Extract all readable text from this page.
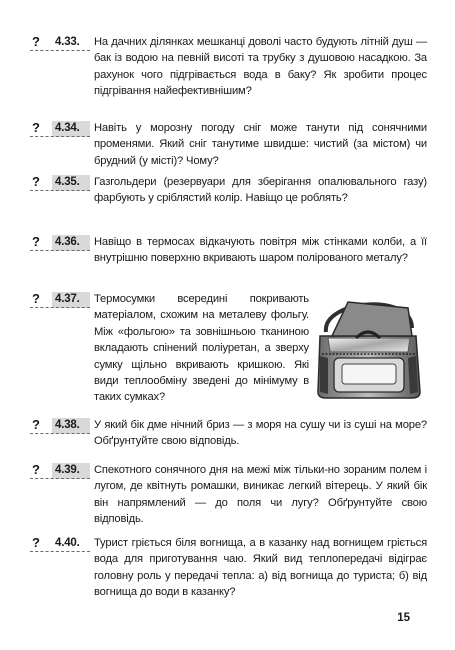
? 4.33. На дачних ділянках мешканці доволі часто будують літній душ — бак із водою на певній висоті та трубку з душовою насадкою. За рахунок чого підгрівається вода в баку? Як зробити процес підгрівання найефективнішим?
? 4.34. Навіть у морозну погоду сніг може танути під сонячними променями. Який сніг танутиме швидше: чистий (за містом) чи брудний (у місті)? Чому?
? 4.35. Газгольдери (резервуари для зберігання опалювального газу) фарбують у сріблястий колір. Навіщо це роблять?
? 4.36. Навіщо в термосах відкачують повітря між стінками колби, а її внутрішню поверхню вкривають шаром полірованого металу?
? 4.37. Термосумки всередині покривають матеріалом, схожим на металеву фольгу. Між «фольгою» та зовнішньою тканиною вкладають спінений поліуретан, а зверху сумку щільно вкривають кришкою. Які види теплообміну зведені до мінімуму в таких сумках?
? 4.38. У який бік дме нічний бриз — з моря на сушу чи із суші на море? Обґрунтуйте свою відповідь.
? 4.39. Спекотного сонячного дня на межі між тільки-но зораним полем і лугом, де квітнуть ромашки, виникає легкий вітерець. У який бік він напрямлений — до поля чи лугу? Обґрунтуйте свою відповідь.
? 4.40. Турист гріється біля вогнища, а в казанку над вогнищем гріється вода для приготування чаю. Який вид теплопередачі відіграє головну роль у передачі тепла: а) від вогнища до туриста; б) від вогнища до води в казанку?
15
